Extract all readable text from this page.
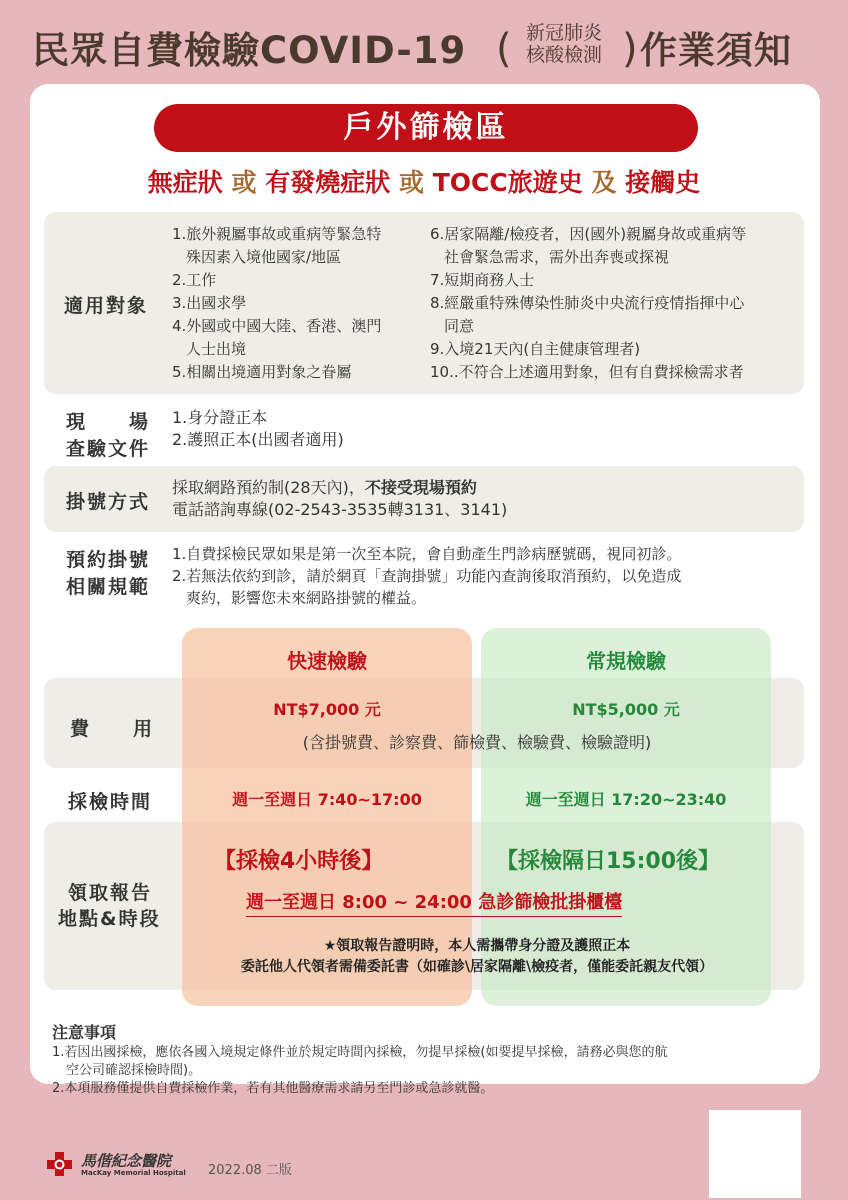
民眾自費檢驗COVID-19 ( 新冠肺炎
核酸檢測 ) 作業須知
戶外篩檢區
無症狀 或 有發燒症狀 或 TOCC旅遊史 及 接觸史
適用對象
1.旅外親屬事故或重病等緊急特
殊因素入境他國家/地區
2.工作
3.出國求學
4.外國或中國大陸、香港、澳門
人士出境
5.相關出境適用對象之眷屬
6.居家隔離/檢疫者，因(國外)親屬身故或重病等
社會緊急需求，需外出奔喪或探視
7.短期商務人士
8.經嚴重特殊傳染性肺炎中央流行疫情指揮中心
同意
9.入境21天內(自主健康管理者)
10..不符合上述適用對象，但有自費採檢需求者
現　　場
查驗文件
1.身分證正本
2.護照正本(出國者適用)
掛號方式
採取網路預約制(28天內)，不接受現場預約
電話諮詢專線(02-2543-3535轉3131、3141)
預約掛號
相關規範
1.自費採檢民眾如果是第一次至本院，會自動產生門診病歷號碼，視同初診。
2.若無法依約到診，請於網頁「查詢掛號」功能內查詢後取消預約，以免造成
爽約，影響您未來網路掛號的權益。
快速檢驗	常規檢驗
費　　用
NT$7,000 元	NT$5,000 元
(含掛號費、診察費、篩檢費、檢驗費、檢驗證明)
採檢時間	週一至週日 7:40~17:00	週一至週日 17:20~23:40
領取報告
地點&時段
【採檢4小時後】	【採檢隔日15:00後】
週一至週日 8:00 ~ 24:00 急診篩檢批掛櫃檯
★領取報告證明時，本人需攜帶身分證及護照正本
委託他人代領者需備委託書（如確診\居家隔離\檢疫者，僅能委託親友代領）
注意事項
1.若因出國採檢，應依各國入境規定條件並於規定時間內採檢，勿提早採檢(如要提早採檢，請務必與您的航
空公司確認採檢時間)。
2.本項服務僅提供自費採檢作業，若有其他醫療需求請另至門診或急診就醫。
馬偕紀念醫院
MacKay Memorial Hospital 2022.08 二版
